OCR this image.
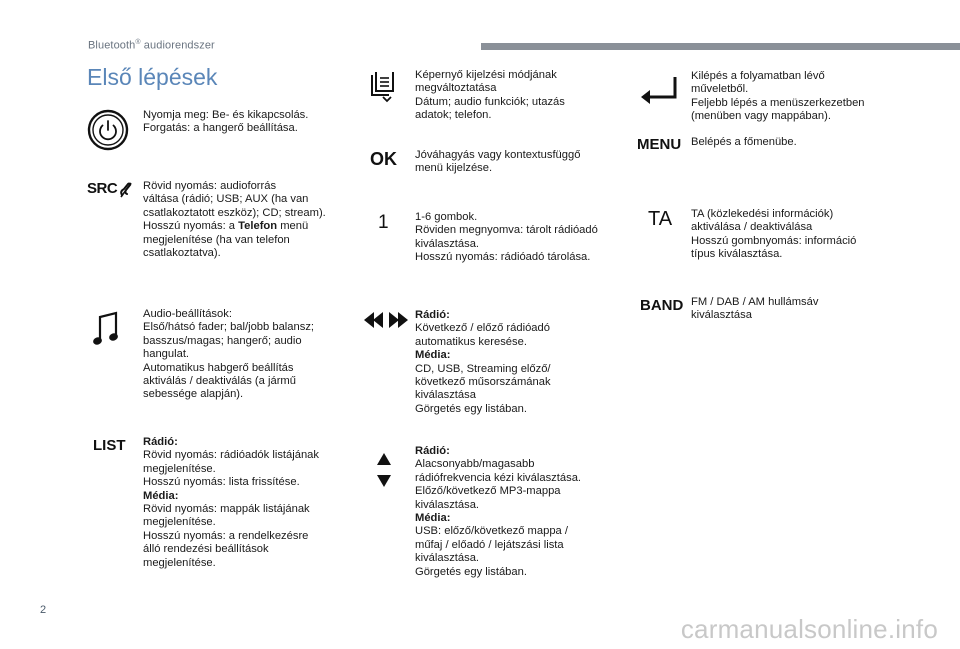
Bluetooth® audiorendszer
Első lépések
Nyomja meg: Be- és kikapcsolás.
Forgatás: a hangerő beállítása.
SRC Rövid nyomás: audioforrás
váltása (rádió; USB; AUX (ha van
csatlakoztatott eszköz); CD; stream).
Hosszú nyomás: a Telefon menü
megjelenítése (ha van telefon
csatlakoztatva).
Audio-beállítások:
Első/hátsó fader; bal/jobb balansz;
basszus/magas; hangerő; audio
hangulat.
Automatikus habgerő beállítás
aktiválás / deaktiválás (a jármű
sebessége alapján).
LIST Rádió:
Rövid nyomás: rádióadók listájának
megjelenítése.
Hosszú nyomás: lista frissítése.
Média:
Rövid nyomás: mappák listájának
megjelenítése.
Hosszú nyomás: a rendelkezésre
álló rendezési beállítások
megjelenítése.
Képernyő kijelzési módjának
megváltoztatása
Dátum; audio funkciók; utazás
adatok; telefon.
OK Jóváhagyás vagy kontextusfüggő
menü kijelzése.
1 1-6 gombok.
Röviden megnyomva: tárolt rádióadó
kiválasztása.
Hosszú nyomás: rádióadó tárolása.
Rádió:
Következő / előző rádióadó
automatikus keresése.
Média:
CD, USB, Streaming előző/
következő műsorszámának
kiválasztása
Görgetés egy listában.
Rádió:
Alacsonyabb/magasabb
rádiófrekvencia kézi kiválasztása.
Előző/következő MP3-mappa
kiválasztása.
Média:
USB: előző/következő mappa /
műfaj / előadó / lejátszási lista
kiválasztása.
Görgetés egy listában.
Kilépés a folyamatban lévő
műveletből.
Feljebb lépés a menüszerkezetben
(menüben vagy mappában).
MENU Belépés a főmenübe.
TA TA (közlekedési információk)
aktiválása / deaktiválása
Hosszú gombnyomás: információ
típus kiválasztása.
BAND FM / DAB / AM hullámsáv
kiválasztása
2
carmanualsonline.info
